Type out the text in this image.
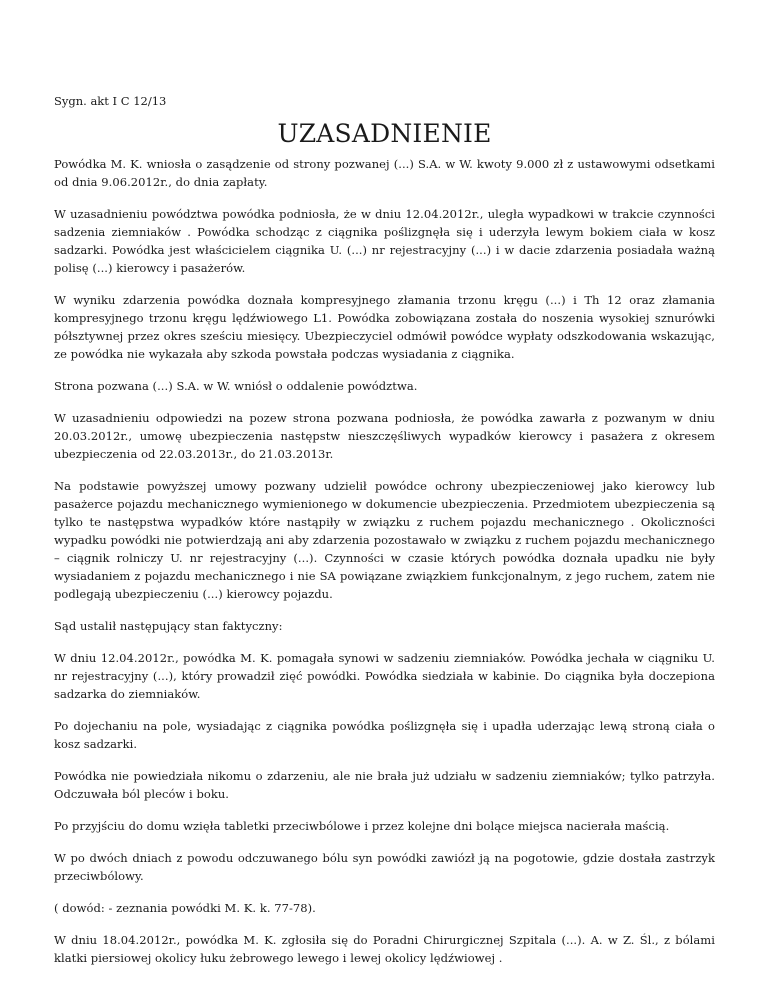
Sygn. akt I C 12/13

UZASADNIENIE

Powódka M. K. wniosła o zasądzenie od strony pozwanej (...) S.A. w W. kwoty 9.000 zł z ustawowymi odsetkami od dnia 9.06.2012r., do dnia zapłaty.

W uzasadnieniu powództwa powódka podniosła, że w dniu 12.04.2012r., uległa wypadkowi w trakcie czynności sadzenia ziemniaków . Powódka schodząc z ciągnika poślizgnęła się i uderzyła lewym bokiem ciała w kosz sadzarki. Powódka jest właścicielem ciągnika U. (...) nr rejestracyjny (...) i w dacie zdarzenia posiadała ważną polisę (...) kierowcy i pasażerów.

W wyniku zdarzenia powódka doznała kompresyjnego złamania trzonu kręgu (...) i Th 12 oraz złamania kompresyjnego trzonu kręgu lędźwiowego L1. Powódka zobowiązana została do noszenia wysokiej sznurówki półsztywnej przez okres sześciu miesięcy. Ubezpieczyciel odmówił powódce wypłaty odszkodowania wskazując, ze powódka nie wykazała aby szkoda powstała podczas wysiadania z ciągnika.

Strona pozwana (...) S.A. w W. wniósł o oddalenie powództwa.

W uzasadnieniu odpowiedzi na pozew strona pozwana podniosła, że powódka zawarła z pozwanym w dniu 20.03.2012r., umowę ubezpieczenia następstw nieszczęśliwych wypadków kierowcy i pasażera z okresem ubezpieczenia od 22.03.2013r., do 21.03.2013r.

Na podstawie powyższej umowy pozwany udzielił powódce ochrony ubezpieczeniowej jako kierowcy lub pasażerce pojazdu mechanicznego wymienionego w dokumencie ubezpieczenia. Przedmiotem ubezpieczenia są tylko te następstwa wypadków które nastąpiły w związku z ruchem pojazdu mechanicznego . Okoliczności wypadku powódki nie potwierdzają ani aby zdarzenia pozostawało w związku z ruchem pojazdu mechanicznego – ciągnik rolniczy U. nr rejestracyjny (...). Czynności w czasie których powódka doznała upadku nie były wysiadaniem z pojazdu mechanicznego i nie SA powiązane związkiem funkcjonalnym, z jego ruchem, zatem nie podlegają ubezpieczeniu (...) kierowcy pojazdu.

Sąd ustalił następujący stan faktyczny:

W dniu 12.04.2012r., powódka M. K. pomagała synowi w sadzeniu ziemniaków. Powódka jechała w ciągniku U. nr rejestracyjny (...), który prowadził zięć powódki. Powódka siedziała w kabinie. Do ciągnika była doczepiona sadzarka do ziemniaków.

Po dojechaniu na pole, wysiadając z ciągnika powódka poślizgnęła się i upadła uderzając lewą stroną ciała o kosz sadzarki.

Powódka nie powiedziała nikomu o zdarzeniu, ale nie brała już udziału w sadzeniu ziemniaków; tylko patrzyła. Odczuwała ból pleców i boku.

Po przyjściu do domu wzięła tabletki przeciwbólowe i przez kolejne dni bolące miejsca nacierała maścią.

W po dwóch dniach z powodu odczuwanego bólu syn powódki zawiózł ją na pogotowie, gdzie dostała zastrzyk przeciwbólowy.

( dowód: - zeznania powódki M. K. k. 77-78).

W dniu 18.04.2012r., powódka M. K. zgłosiła się do Poradni Chirurgicznej Szpitala (...). A. w Z. Śl., z bólami klatki piersiowej okolicy łuku żebrowego lewego i lewej okolicy lędźwiowej .
